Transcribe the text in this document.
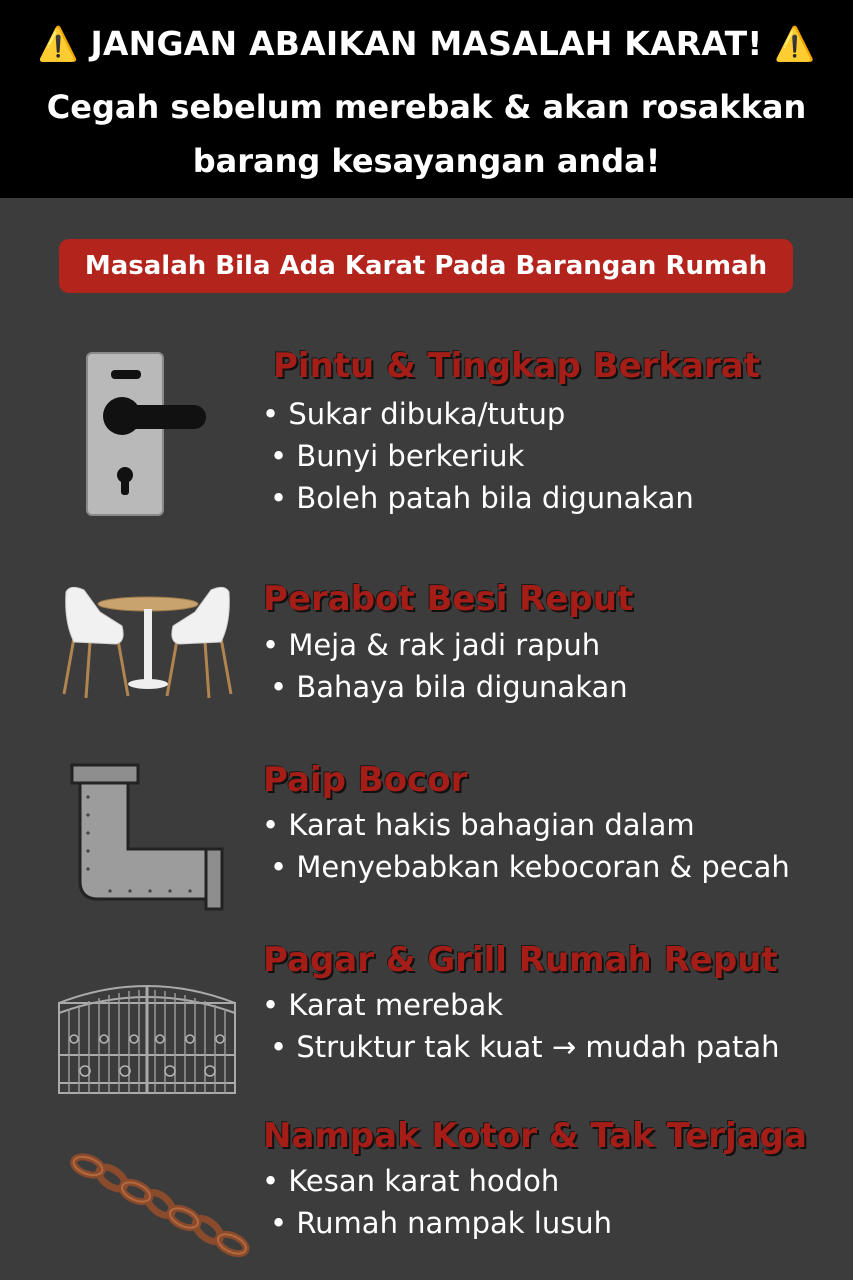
⚠️ JANGAN ABAIKAN MASALAH KARAT! ⚠️
Cegah sebelum merebak & akan rosakkan
barang kesayangan anda!
Masalah Bila Ada Karat Pada Barangan Rumah
Pintu & Tingkap Berkarat
• Sukar dibuka/tutup
• Bunyi berkeriuk
• Boleh patah bila digunakan
Perabot Besi Reput
• Meja & rak jadi rapuh
• Bahaya bila digunakan
Paip Bocor
• Karat hakis bahagian dalam
• Menyebabkan kebocoran & pecah
Pagar & Grill Rumah Reput
• Karat merebak
• Struktur tak kuat → mudah patah
Nampak Kotor & Tak Terjaga
• Kesan karat hodoh
• Rumah nampak lusuh
